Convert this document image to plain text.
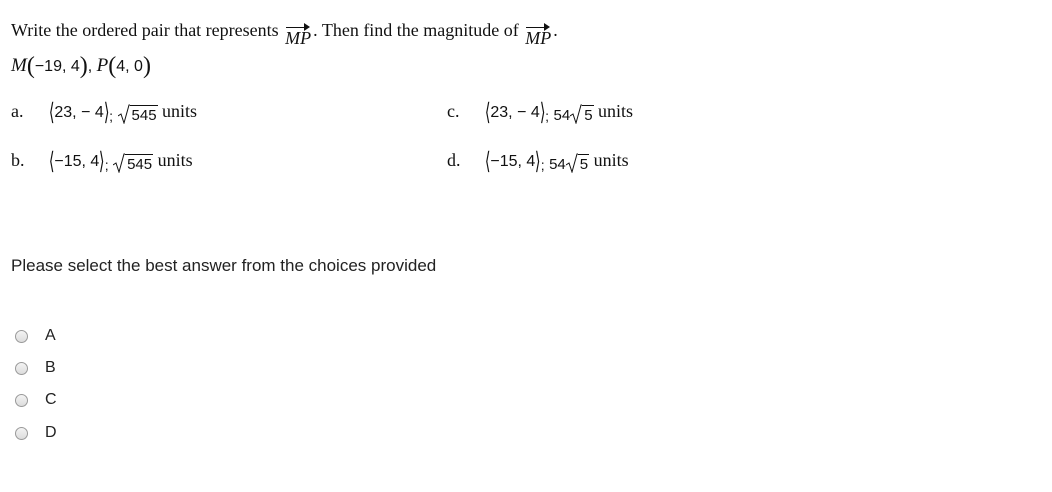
Write the ordered pair that represents MP . Then find the magnitude of MP .
M(−19, 4), P(4, 0)
a. ⟨23, − $4⟩_;$ 545 units
b. ⟨−15, $4⟩_;$ 545 units
c. ⟨23, − $4⟩_;$ 54 5 units
d. ⟨−15, $4⟩_;$ 54 5 units
Please select the best answer from the choices provided
A
B
C
D
